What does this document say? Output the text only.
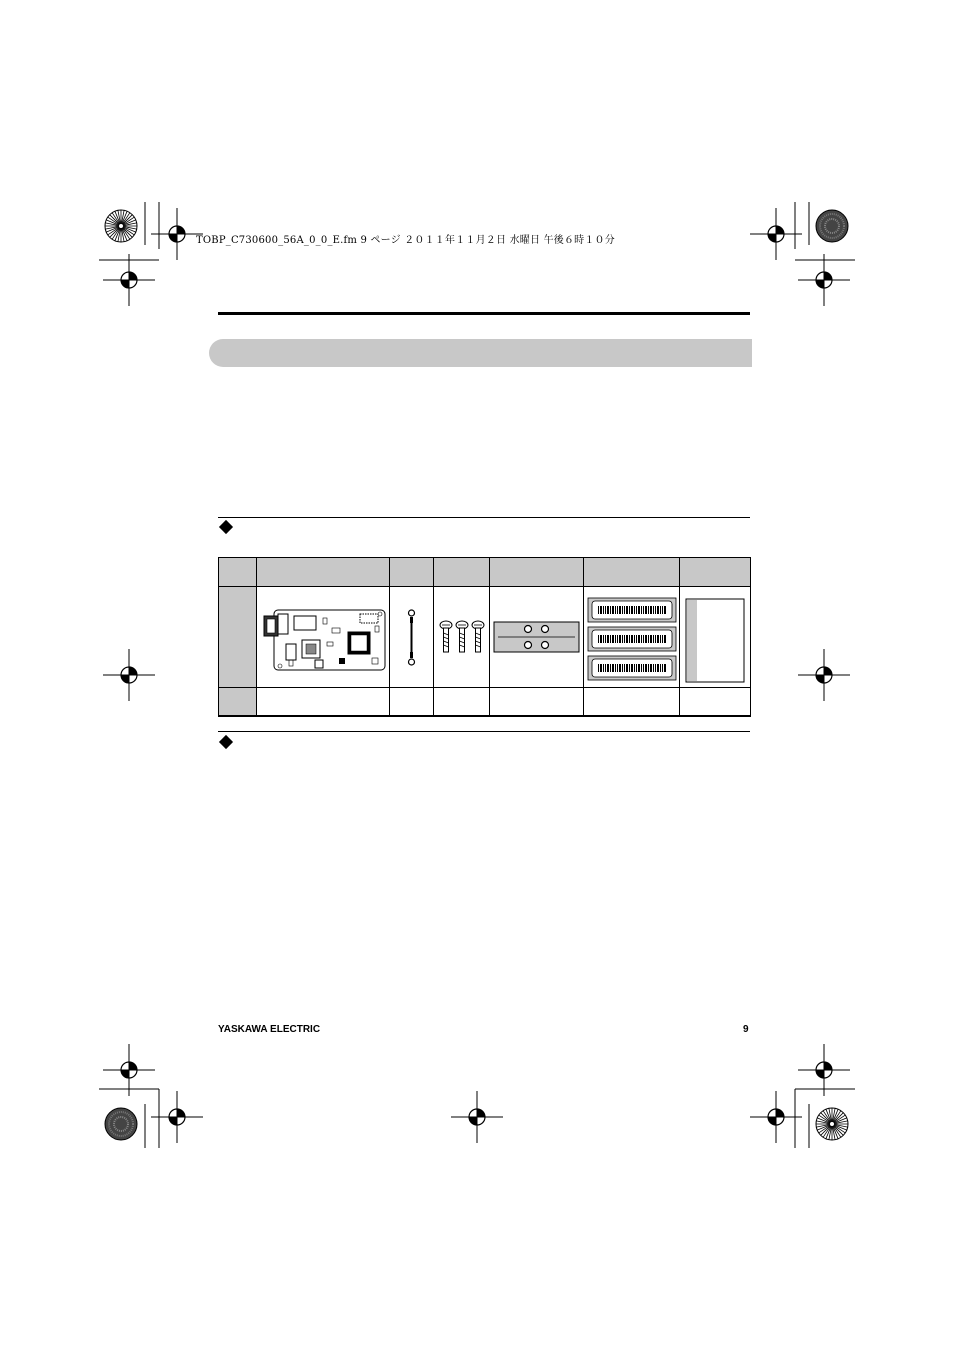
TOBP_C730600_56A_0_0_E.fm 9 ページ ２０１１年１１月２日 水曜日 午後６時１０分

YASKAWA ELECTRIC	9
